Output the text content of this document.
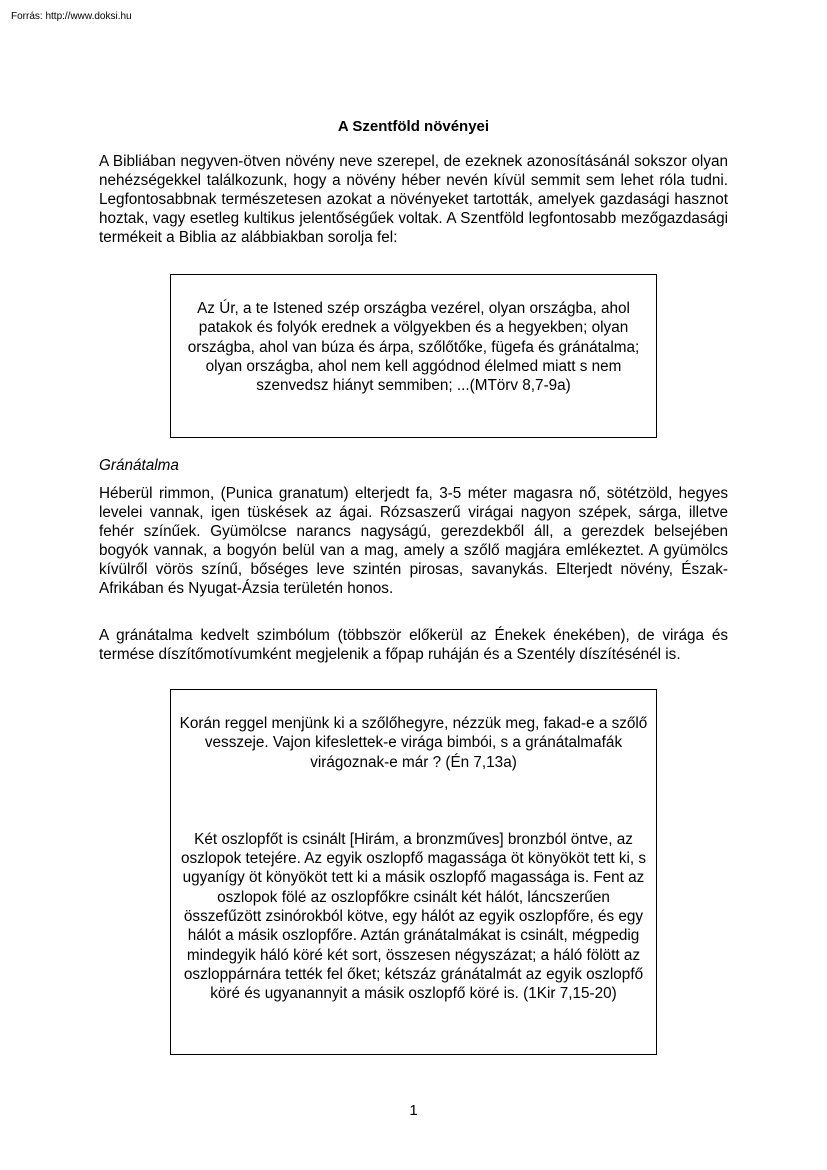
Forrás: http://www.doksi.hu
A Szentföld növényei

A Bibliában negyven-ötven növény neve szerepel, de ezeknek azonosításánál sokszor olyan nehézségekkel találkozunk, hogy a növény héber nevén kívül semmit sem lehet róla tudni. Legfontosabbnak természetesen azokat a növényeket tartották, amelyek gazdasági hasznot hoztak, vagy esetleg kultikus jelentőségűek voltak. A Szentföld legfontosabb mezőgazdasági termékeit a Biblia az alábbiakban sorolja fel:

Az Úr, a te Istened szép országba vezérel, olyan országba, ahol patakok és folyók erednek a völgyekben és a hegyekben; olyan országba, ahol van búza és árpa, szőlőtőke, fügefa és gránátalma; olyan országba, ahol nem kell aggódnod élelmed miatt s nem szenvedsz hiányt semmiben; ...(MTörv 8,7-9a)

Gránátalma

Héberül rimmon, (Punica granatum) elterjedt fa, 3-5 méter magasra nő, sötétzöld, hegyes levelei vannak, igen tüskések az ágai. Rózsaszerű virágai nagyon szépek, sárga, illetve fehér színűek. Gyümölcse narancs nagyságú, gerezdekből áll, a gerezdek belsejében bogyók vannak, a bogyón belül van a mag, amely a szőlő magjára emlékeztet. A gyümölcs kívülről vörös színű, bőséges leve szintén pirosas, savanykás. Elterjedt növény, Észak-Afrikában és Nyugat-Ázsia területén honos.

A gránátalma kedvelt szimbólum (többször előkerül az Énekek énekében), de virága és termése díszítőmotívumként megjelenik a főpap ruháján és a Szentély díszítésénél is.

Korán reggel menjünk ki a szőlőhegyre, nézzük meg, fakad-e a szőlő vesszeje. Vajon kifeslettek-e virága bimbói, s a gránátalmafák virágoznak-e már ? (Én 7,13a)

Két oszlopfőt is csinált [Hirám, a bronzműves] bronzból öntve, az oszlopok tetejére. Az egyik oszlopfő magassága öt könyököt tett ki, s ugyanígy öt könyököt tett ki a másik oszlopfő magassága is. Fent az oszlopok fölé az oszlopfőkre csinált két hálót, láncszerűen összefűzött zsinórokból kötve, egy hálót az egyik oszlopfőre, és egy hálót a másik oszlopfőre. Aztán gránátalmákat is csinált, mégpedig mindegyik háló köré két sort, összesen négyszázat; a háló fölött az oszloppárnára tették fel őket; kétszáz gránátalmát az egyik oszlopfő köré és ugyanannyit a másik oszlopfő köré is. (1Kir 7,15-20)

1
